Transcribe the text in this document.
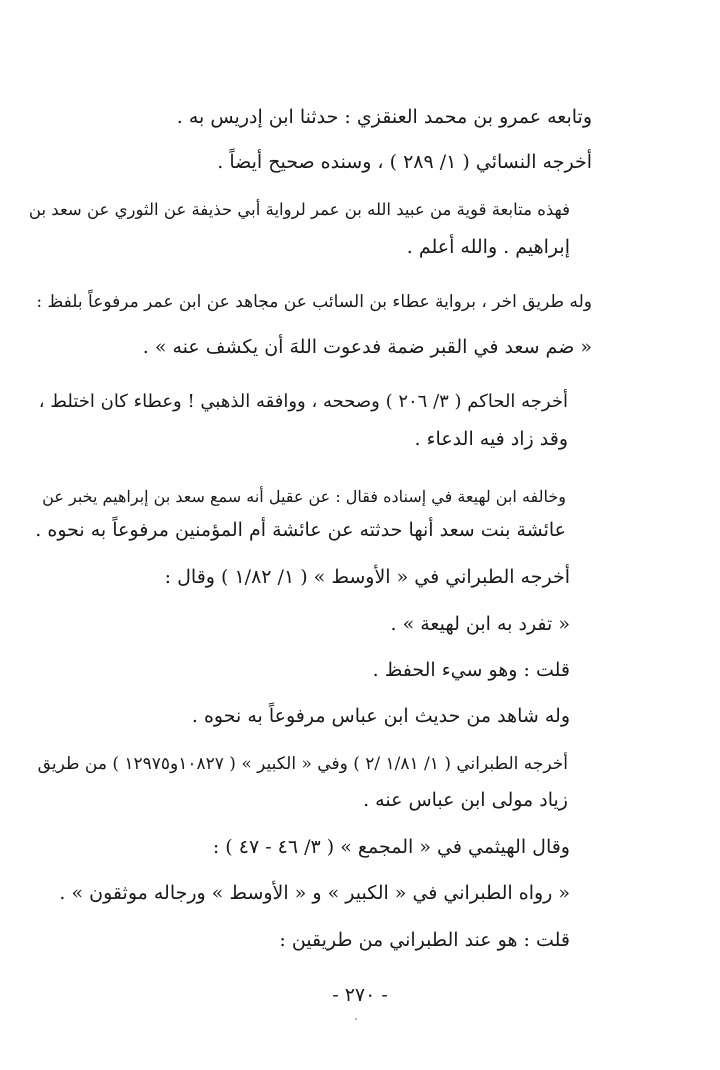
وتابعه عمرو بن محمد العنقزي : حدثنا ابن إدريس به .
أخرجه النسائي ( ١/ ٢٨٩ ) ، وسنده صحيح أيضاً .
فهذه متابعة قوية من عبيد الله بن عمر لرواية أبي حذيفة عن الثوري عن سعد بن
إبراهيم . والله أعلم .
وله طريق اخر ، برواية عطاء بن السائب عن مجاهد عن ابن عمر مرفوعاً بلفظ :
« ضم سعد في القبر ضمة فدعوت اللهَ أن يكشف عنه » .
أخرجه الحاكم ( ٣/ ٢٠٦ ) وصححه ، ووافقه الذهبي ! وعطاء كان اختلط ،
وقد زاد فيه الدعاء .
وخالفه ابن لهيعة في إسناده فقال : عن عقيل أنه سمع سعد بن إبراهيم يخبر عن
عائشة بنت سعد أنها حدثته عن عائشة أم المؤمنين مرفوعاً به نحوه .
أخرجه الطبراني في « الأوسط » ( ١/ ١/٨٢ ) وقال :
« تفرد به ابن لهيعة » .
قلت : وهو سيء الحفظ .
وله شاهد من حديث ابن عباس مرفوعاً به نحوه .
أخرجه الطبراني ( ١/ ١/٨١ /٢ ) وفي « الكبير » ( ١٠٨٢٧و١٢٩٧٥ ) من طريق
زياد مولى ابن عباس عنه .
وقال الهيثمي في « المجمع » ( ٣/ ٤٦ - ٤٧ ) :
« رواه الطبراني في « الكبير » و « الأوسط » ورجاله موثقون » .
قلت : هو عند الطبراني من طريقين :
- ٢٧٠ -
